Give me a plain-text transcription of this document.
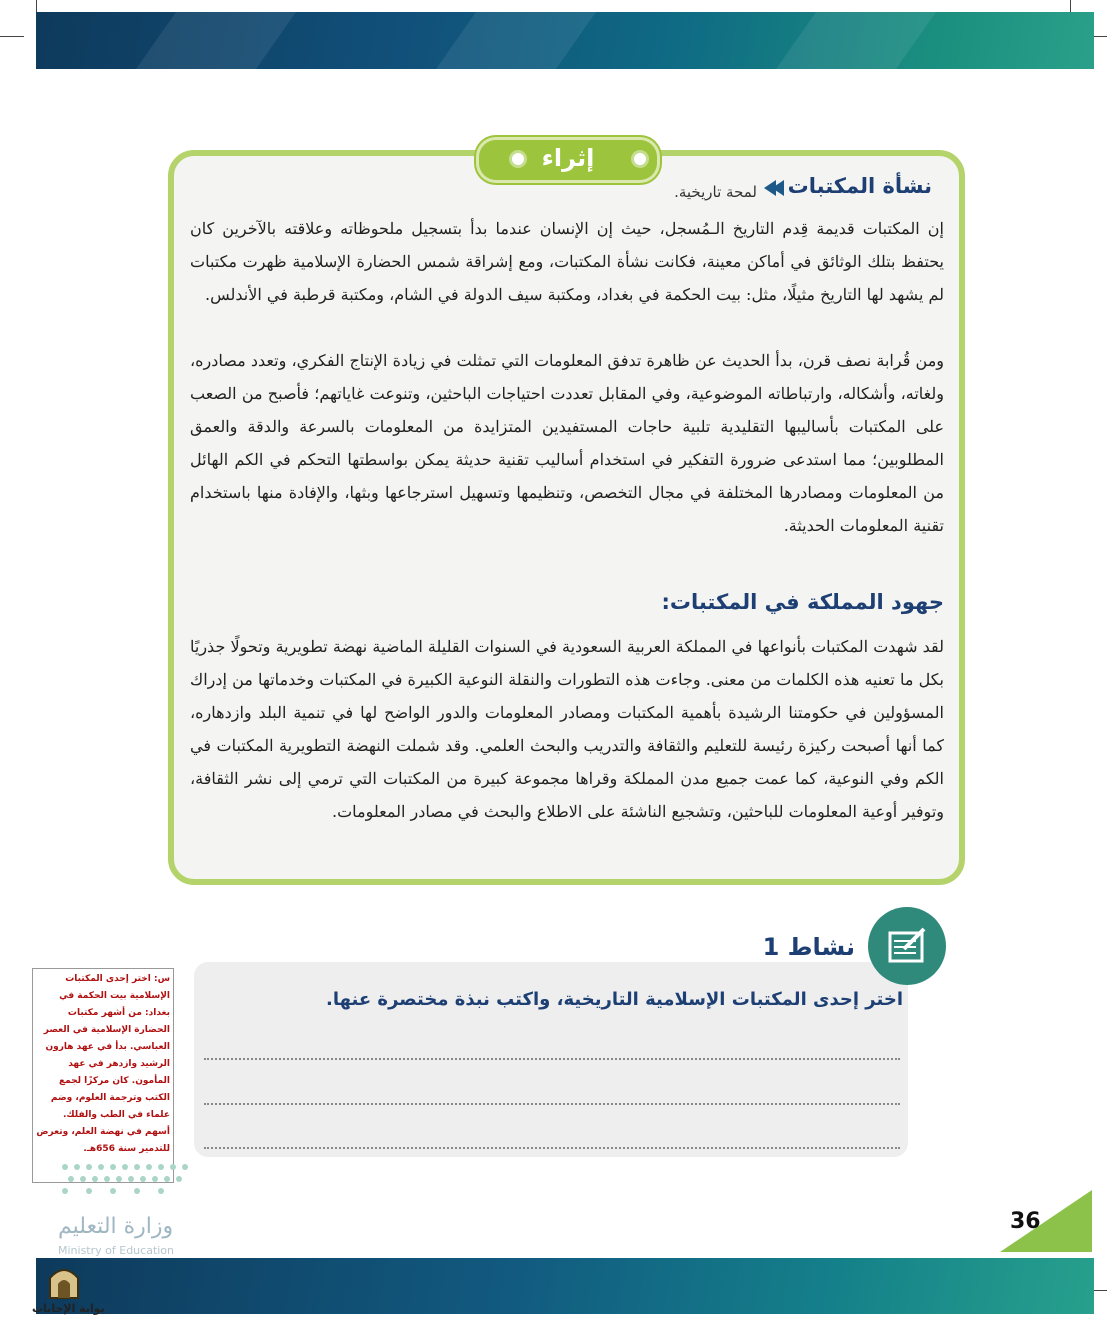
إثراء
نشأة المكتبات
لمحة تاريخية.

إن المكتبات قديمة قِدم التاريخ الـمُسجل، حيث إن الإنسان عندما بدأ بتسجيل ملحوظاته وعلاقته بالآخرين كان يحتفظ بتلك الوثائق في أماكن معينة، فكانت نشأة المكتبات، ومع إشراقة شمس الحضارة الإسلامية ظهرت مكتبات لم يشهد لها التاريخ مثيلًا، مثل: بيت الحكمة في بغداد، ومكتبة سيف الدولة في الشام، ومكتبة قرطبة في الأندلس.

ومن قُرابة نصف قرن، بدأ الحديث عن ظاهرة تدفق المعلومات التي تمثلت في زيادة الإنتاج الفكري، وتعدد مصادره، ولغاته، وأشكاله، وارتباطاته الموضوعية، وفي المقابل تعددت احتياجات الباحثين، وتنوعت غاياتهم؛ فأصبح من الصعب على المكتبات بأساليبها التقليدية تلبية حاجات المستفيدين المتزايدة من المعلومات بالسرعة والدقة والعمق المطلوبين؛ مما استدعى ضرورة التفكير في استخدام أساليب تقنية حديثة يمكن بواسطتها التحكم في الكم الهائل من المعلومات ومصادرها المختلفة في مجال التخصص، وتنظيمها وتسهيل استرجاعها وبثها، والإفادة منها باستخدام تقنية المعلومات الحديثة.

جهود المملكة في المكتبات:

لقد شهدت المكتبات بأنواعها في المملكة العربية السعودية في السنوات القليلة الماضية نهضة تطويرية وتحولًا جذريًا بكل ما تعنيه هذه الكلمات من معنى. وجاءت هذه التطورات والنقلة النوعية الكبيرة في المكتبات وخدماتها من إدراك المسؤولين في حكومتنا الرشيدة بأهمية المكتبات ومصادر المعلومات والدور الواضح لها في تنمية البلد وازدهاره، كما أنها أصبحت ركيزة رئيسة للتعليم والثقافة والتدريب والبحث العلمي. وقد شملت النهضة التطويرية المكتبات في الكم وفي النوعية، كما عمت جميع مدن المملكة وقراها مجموعة كبيرة من المكتبات التي ترمي إلى نشر الثقافة، وتوفير أوعية المعلومات للباحثين، وتشجيع الناشئة على الاطلاع والبحث في مصادر المعلومات.

نشاط 1
اختر إحدى المكتبات الإسلامية التاريخية، واكتب نبذة مختصرة عنها.

س: اختر إحدى المكتبات الإسلامية بيت الحكمة في بغداد: من أشهر مكتبات الحضارة الإسلامية في العصر العباسي. بدأ في عهد هارون الرشيد وازدهر في عهد المأمون. كان مركزًا لجمع الكتب وترجمة العلوم، وضم علماء في الطب والفلك. أسهم في نهضة العلم، وتعرض للتدمير سنة 656هـ.

وزارة التعليم
Ministry of Education
36
بوابة الإجابات
